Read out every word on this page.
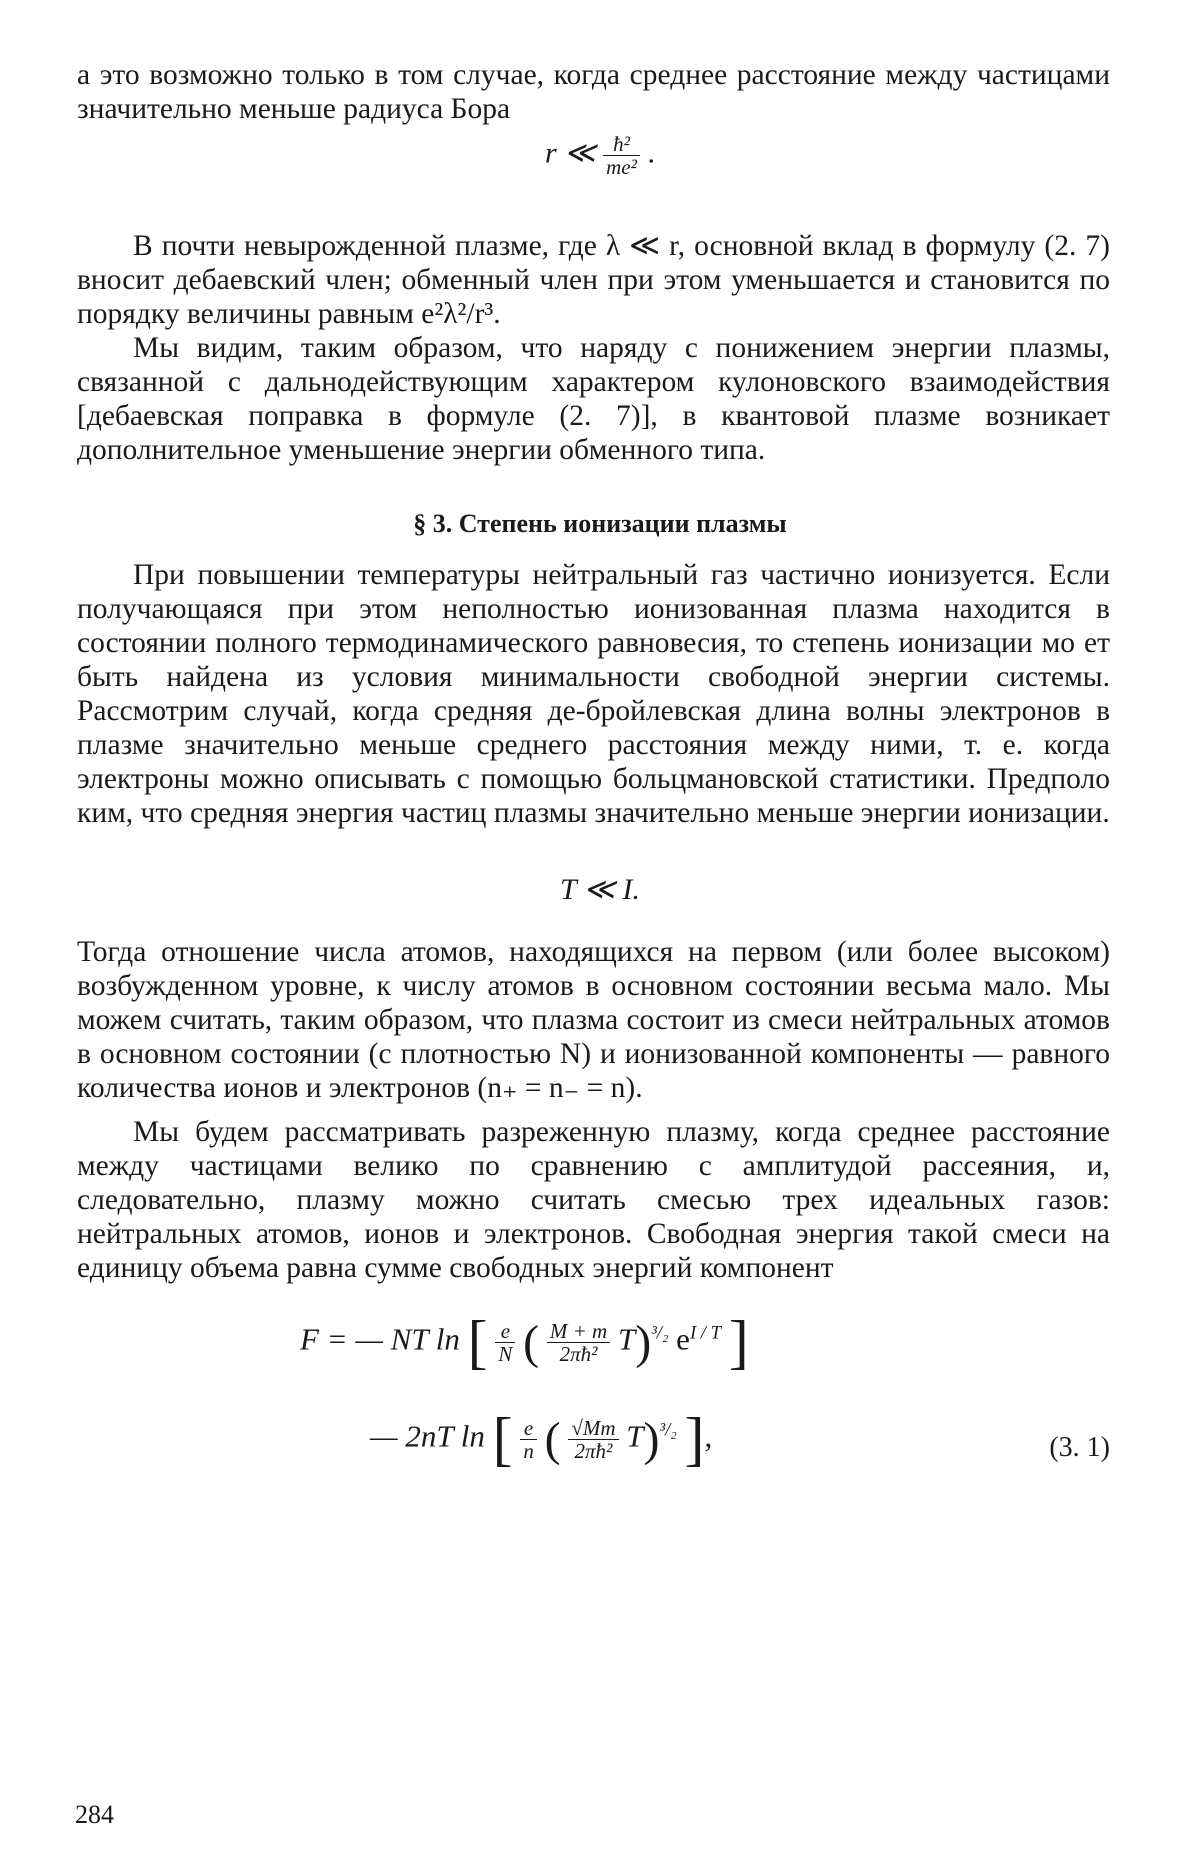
а это возможно только в том случае, когда среднее расстояние между частицами значительно меньше радиуса Бора

r ≪ $\frac{\text{ħ²}}{\text{me²}}$ .

В почти невырожденной плазме, где λ ≪ r, основной вклад в формулу (2. 7) вносит дебаевский член; обменный член при этом уменьшается и становится по порядку величины равным e²λ²/r³.

Мы видим, таким образом, что наряду с понижением энергии плазмы, связанной с дальнодействующим характером кулоновского взаимодействия [дебаевская поправка в формуле (2. 7)], в квантовой плазме возникает дополнительное уменьшение энергии обменного типа.

§ 3. Степень ионизации плазмы

При повышении температуры нейтральный газ частично ионизуется. Если получающаяся при этом неполностью ионизованная плазма находится в состоянии полного термодинамического равновесия, то степень ионизации мо ет быть найдена из условия минимальности свободной энергии системы. Рассмотрим случай, когда средняя де-бройлевская длина волны электронов в плазме значительно меньше среднего расстояния между ними, т. е. когда электроны можно описывать с помощью больцмановской статистики. Предполо ким, что средняя энергия частиц плазмы значительно меньше энергии ионизации.

T ≪ I.

Тогда отношение числа атомов, находящихся на первом (или более высоком) возбужденном уровне, к числу атомов в основном состоянии весьма мало. Мы можем считать, таким образом, что плазма состоит из смеси нейтральных атомов в основном состоянии (с плотностью N) и ионизованной компоненты — равного количества ионов и электронов (n₊ = n₋ = n).

Мы будем рассматривать разреженную плазму, когда среднее расстояние между частицами велико по сравнению с амплитудой рассеяния, и, следовательно, плазму можно считать смесью трех идеальных газов: нейтральных атомов, ионов и электронов. Свободная энергия такой смеси на единицу объема равна сумме свободных энергий компонент

F = — NT ln [ $\frac{e}{N}$ ( $\frac{M + m}{\text{2πħ²}} T)^{^3/_2}$ $e^{I / T}$ ]
— 2nT ln [ $\frac{e}{n}$ ( $\frac{√Mm}{\text{2πħ²}} T)^{^3/_2}$ ],	(3. 1)
284
